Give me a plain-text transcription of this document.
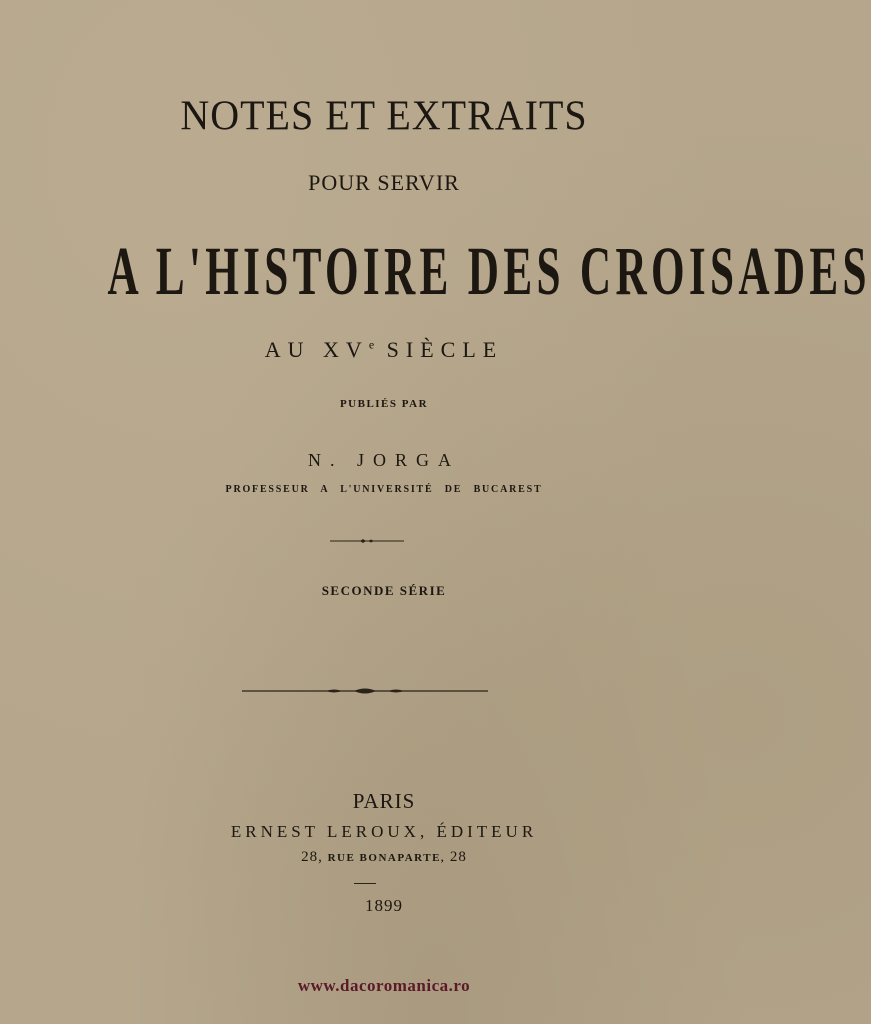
NOTES ET EXTRAITS
POUR SERVIR
A L'HISTOIRE DES CROISADES
AU XVe SIÈCLE
PUBLIÉS PAR
N. JORGA
PROFESSEUR A L'UNIVERSITÉ DE BUCAREST
SECONDE SÉRIE
PARIS
ERNEST LEROUX, ÉDITEUR
28, RUE BONAPARTE, 28
1899
www.dacoromanica.ro
